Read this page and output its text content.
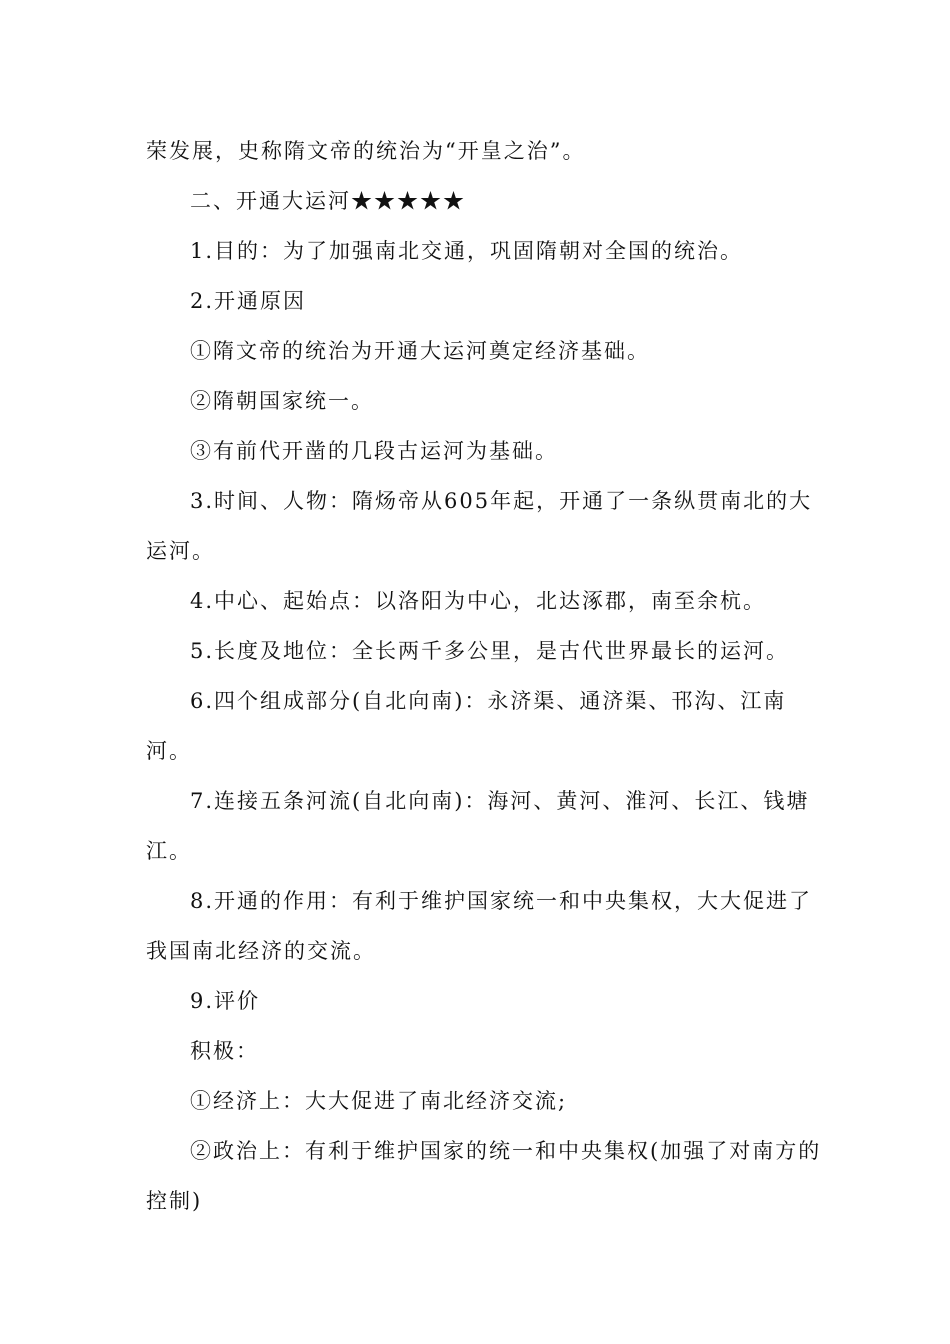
荣发展，史称隋文帝的统治为“开皇之治”。
二、开通大运河★★★★★
1.目的：为了加强南北交通，巩固隋朝对全国的统治。
2.开通原因
①隋文帝的统治为开通大运河奠定经济基础。
②隋朝国家统一。
③有前代开凿的几段古运河为基础。
3.时间、人物：隋炀帝从605年起，开通了一条纵贯南北的大
运河。
4.中心、起始点：以洛阳为中心，北达涿郡，南至余杭。
5.长度及地位：全长两千多公里，是古代世界最长的运河。
6.四个组成部分(自北向南)：永济渠、通济渠、邗沟、江南
河。
7.连接五条河流(自北向南)：海河、黄河、淮河、长江、钱塘
江。
8.开通的作用：有利于维护国家统一和中央集权，大大促进了
我国南北经济的交流。
9.评价
积极：
①经济上：大大促进了南北经济交流;
②政治上：有利于维护国家的统一和中央集权(加强了对南方的
控制)
